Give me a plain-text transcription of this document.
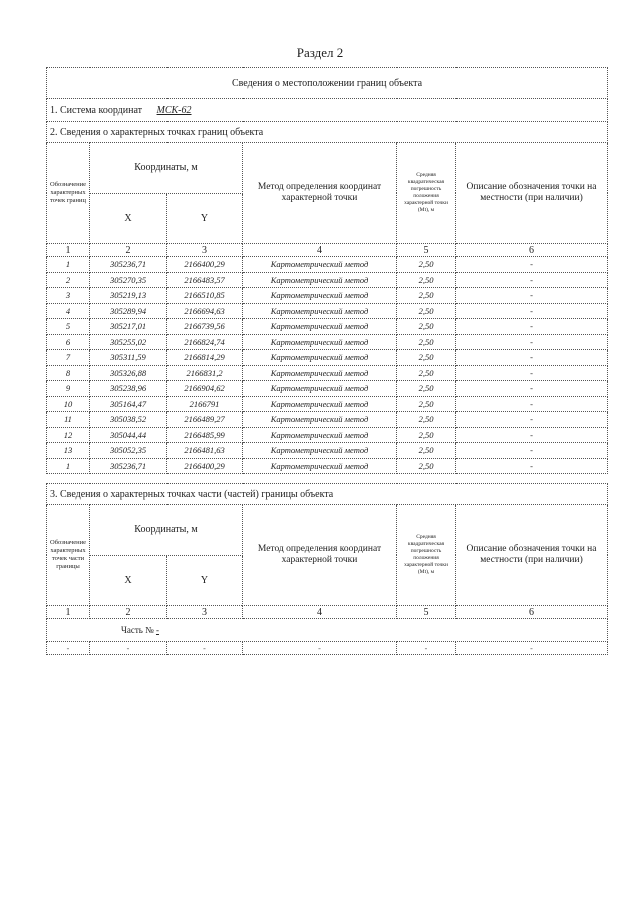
Раздел 2
Сведения о местоположении границ объекта					
1. Система координат МСК-62					
2. Сведения о характерных точках границ объекта					
Обозначение характерных точек границ	Координаты, м		Метод определения координат характерной точки	Средняя квадратическая погрешность положения характерной точки (Mt), м	Описание обозначения точки на местности (при наличии)
	X	Y			
1	2	3	4	5	6
1	305236,71	2166400,29	Картометрический метод	2,50	-
2	305270,35	2166483,57	Картометрический метод	2,50	-
3	305219,13	2166510,85	Картометрический метод	2,50	-
4	305289,94	2166694,63	Картометрический метод	2,50	-
5	305217,01	2166739,56	Картометрический метод	2,50	-
6	305255,02	2166824,74	Картометрический метод	2,50	-
7	305311,59	2166814,29	Картометрический метод	2,50	-
8	305326,88	2166831,2	Картометрический метод	2,50	-
9	305238,96	2166904,62	Картометрический метод	2,50	-
10	305164,47	2166791	Картометрический метод	2,50	-
11	305038,52	2166489,27	Картометрический метод	2,50	-
12	305044,44	2166485,99	Картометрический метод	2,50	-
13	305052,35	2166481,63	Картометрический метод	2,50	-
1	305236,71	2166400,29	Картометрический метод	2,50	-
3. Сведения о характерных точках части (частей) границы объекта					
Обозначение характерных точек части границы	Координаты, м		Метод определения координат характерной точки	Средняя квадратическая погрешность положения характерной точки (Mt), м	Описание обозначения точки на местности (при наличии)
	X	Y			
1	2	3	4	5	6
Часть № -					
-	-	-	-	-	-
